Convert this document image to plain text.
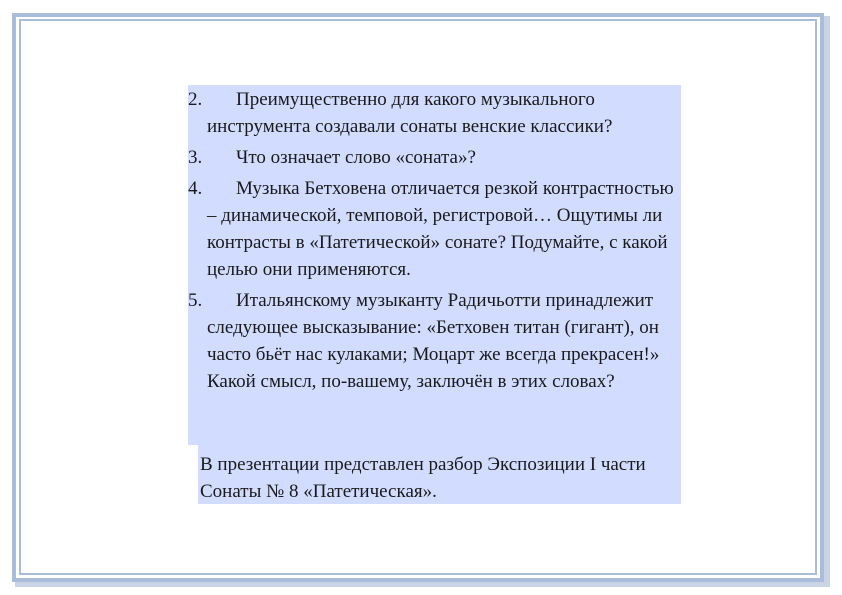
2.	Преимущественно для какого музыкального инструмента создавали сонаты венские классики?
3.	Что означает слово «соната»?
4.	Музыка Бетховена отличается резкой контрастностью – динамической, темповой, регистровой… Ощутимы ли контрасты в «Патетической» сонате? Подумайте, с какой целью они применяются.
5.	Итальянскому музыканту Радичьотти принадлежит следующее высказывание: «Бетховен титан (гигант), он часто бьёт нас кулаками; Моцарт же всегда прекрасен!» Какой смысл, по-вашему, заключён в этих словах?
В презентации представлен разбор Экспозиции I части Сонаты № 8 «Патетическая».
